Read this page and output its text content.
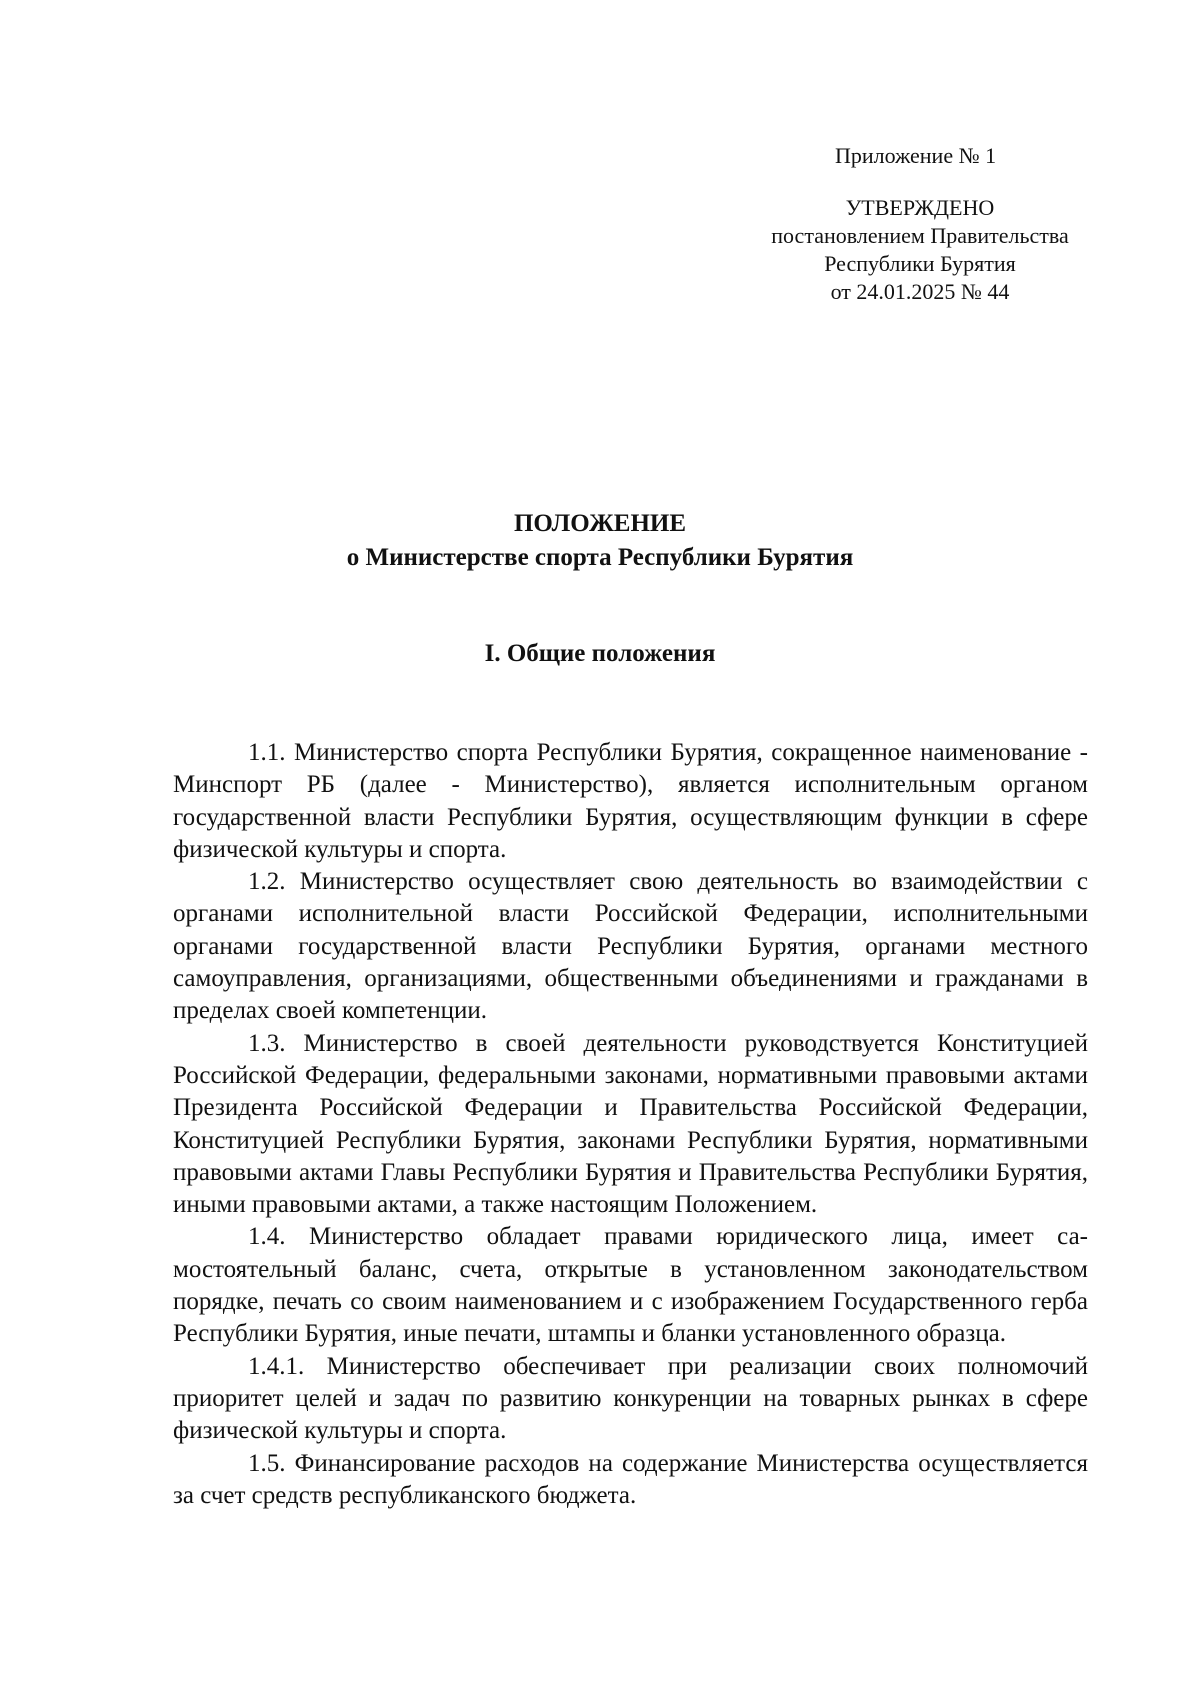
Приложение № 1
УТВЕРЖДЕНО
постановлением Правительства
Республики Бурятия
от 24.01.2025 № 44
ПОЛОЖЕНИЕ
о Министерстве спорта Республики Бурятия
I. Общие положения

1.1. Министерство спорта Республики Бурятия, сокращенное наименование - Минспорт РБ (далее - Министерство), является исполнительным органом государственной власти Республики Бурятия, осуществляющим функции в сфере физической культуры и спорта.

1.2. Министерство осуществляет свою деятельность во взаимодействии с органами исполнительной власти Российской Федерации, исполнительными органами государственной власти Республики Бурятия, органами местного самоуправления, организациями, общественными объединениями и гражданами в пределах своей компетенции.

1.3. Министерство в своей деятельности руководствуется Конституцией Российской Федерации, федеральными законами, нормативными правовыми актами Президента Российской Федерации и Правительства Российской Федерации, Конституцией Республики Бурятия, законами Республики Бурятия, нормативными правовыми актами Главы Республики Бурятия и Правительства Республики Бурятия, иными правовыми актами, а также настоящим Положением.

1.4. Министерство обладает правами юридического лица, имеет самостоятельный баланс, счета, открытые в установленном законодательством порядке, печать со своим наименованием и с изображением Государственного герба Республики Бурятия, иные печати, штампы и бланки установленного образца.

1.4.1. Министерство обеспечивает при реализации своих полномочий приоритет целей и задач по развитию конкуренции на товарных рынках в сфере физической культуры и спорта.

1.5. Финансирование расходов на содержание Министерства осуществляется за счет средств республиканского бюджета.
